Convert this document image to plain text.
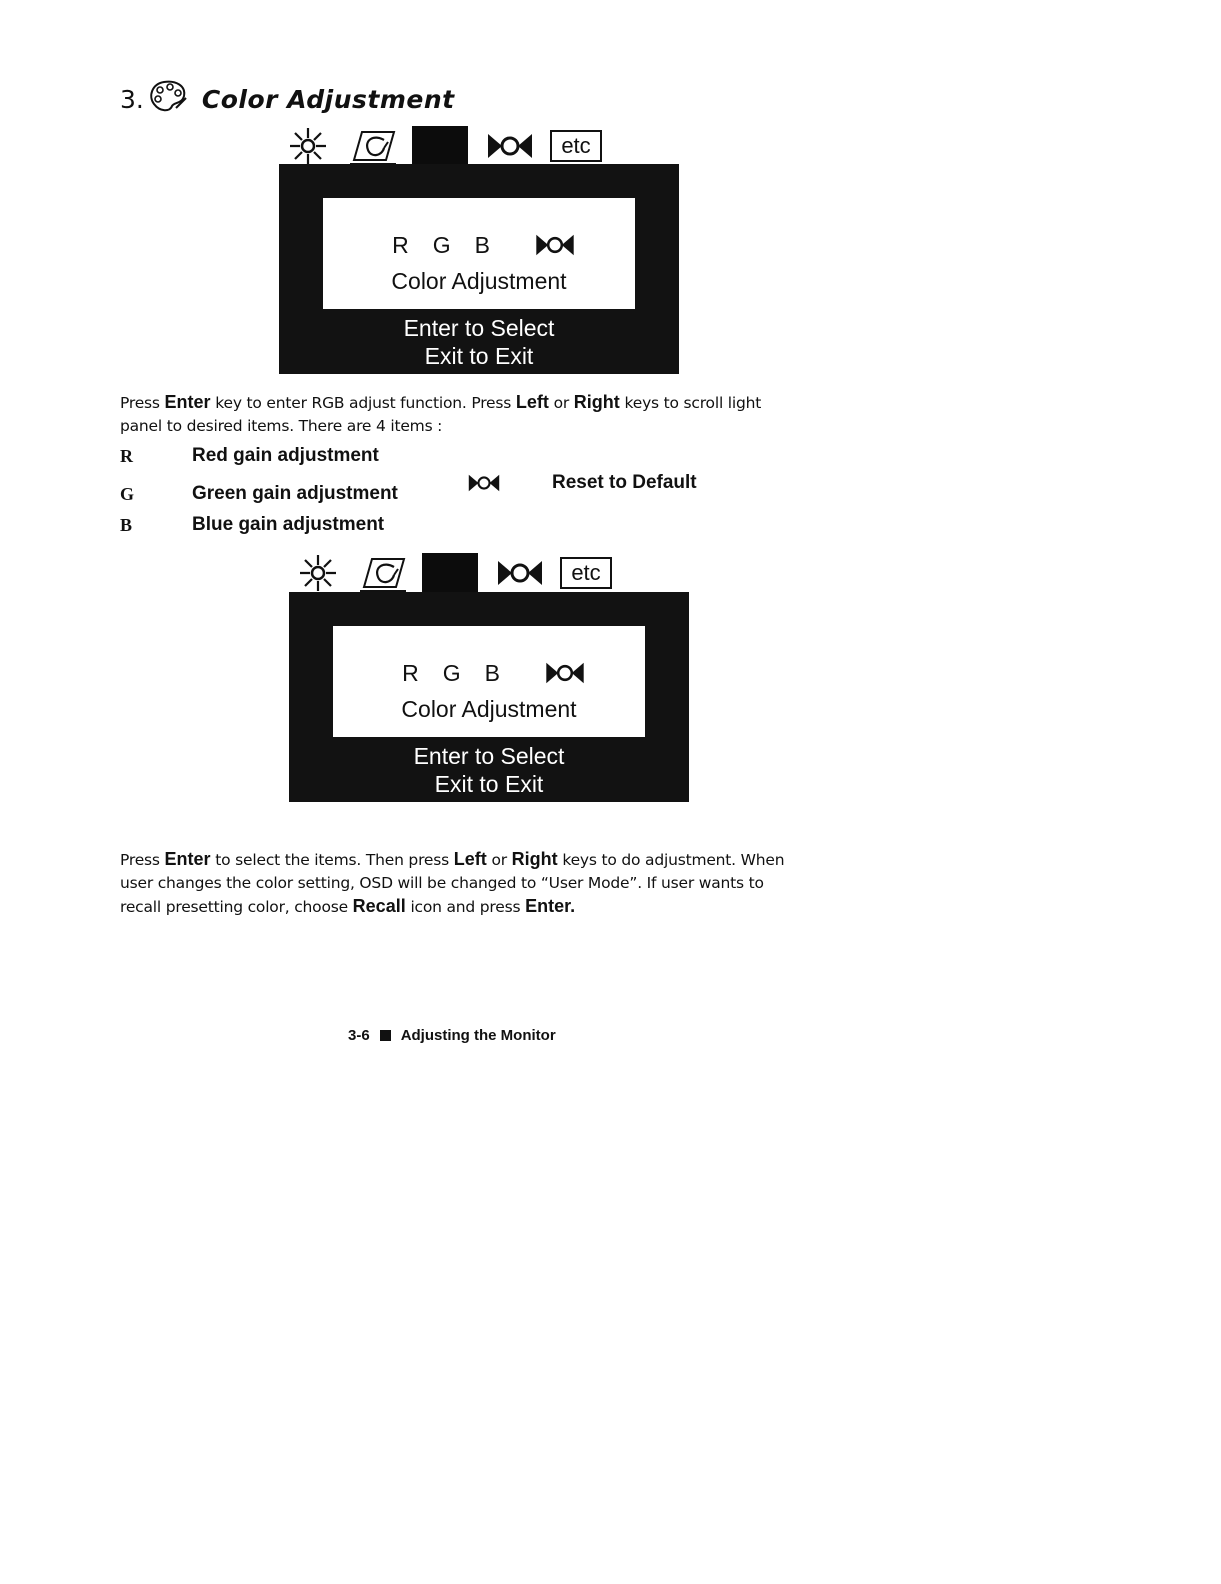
3. Color Adjustment
etc
R G B
Color Adjustment
Enter to Select
Exit to Exit
Press Enter key to enter RGB adjust function. Press Left or Right keys to scroll light panel to desired items. There are 4 items :
R	Red gain adjustment
G	Green gain adjustment
B	Blue gain adjustment
Reset to Default
etc
R G B
Color Adjustment
Enter to Select
Exit to Exit
Press Enter to select the items. Then press Left or Right keys to do adjustment. When user changes the color setting, OSD will be changed to “User Mode”. If user wants to recall presetting color, choose Recall icon and press Enter.
3-6 Adjusting the Monitor
